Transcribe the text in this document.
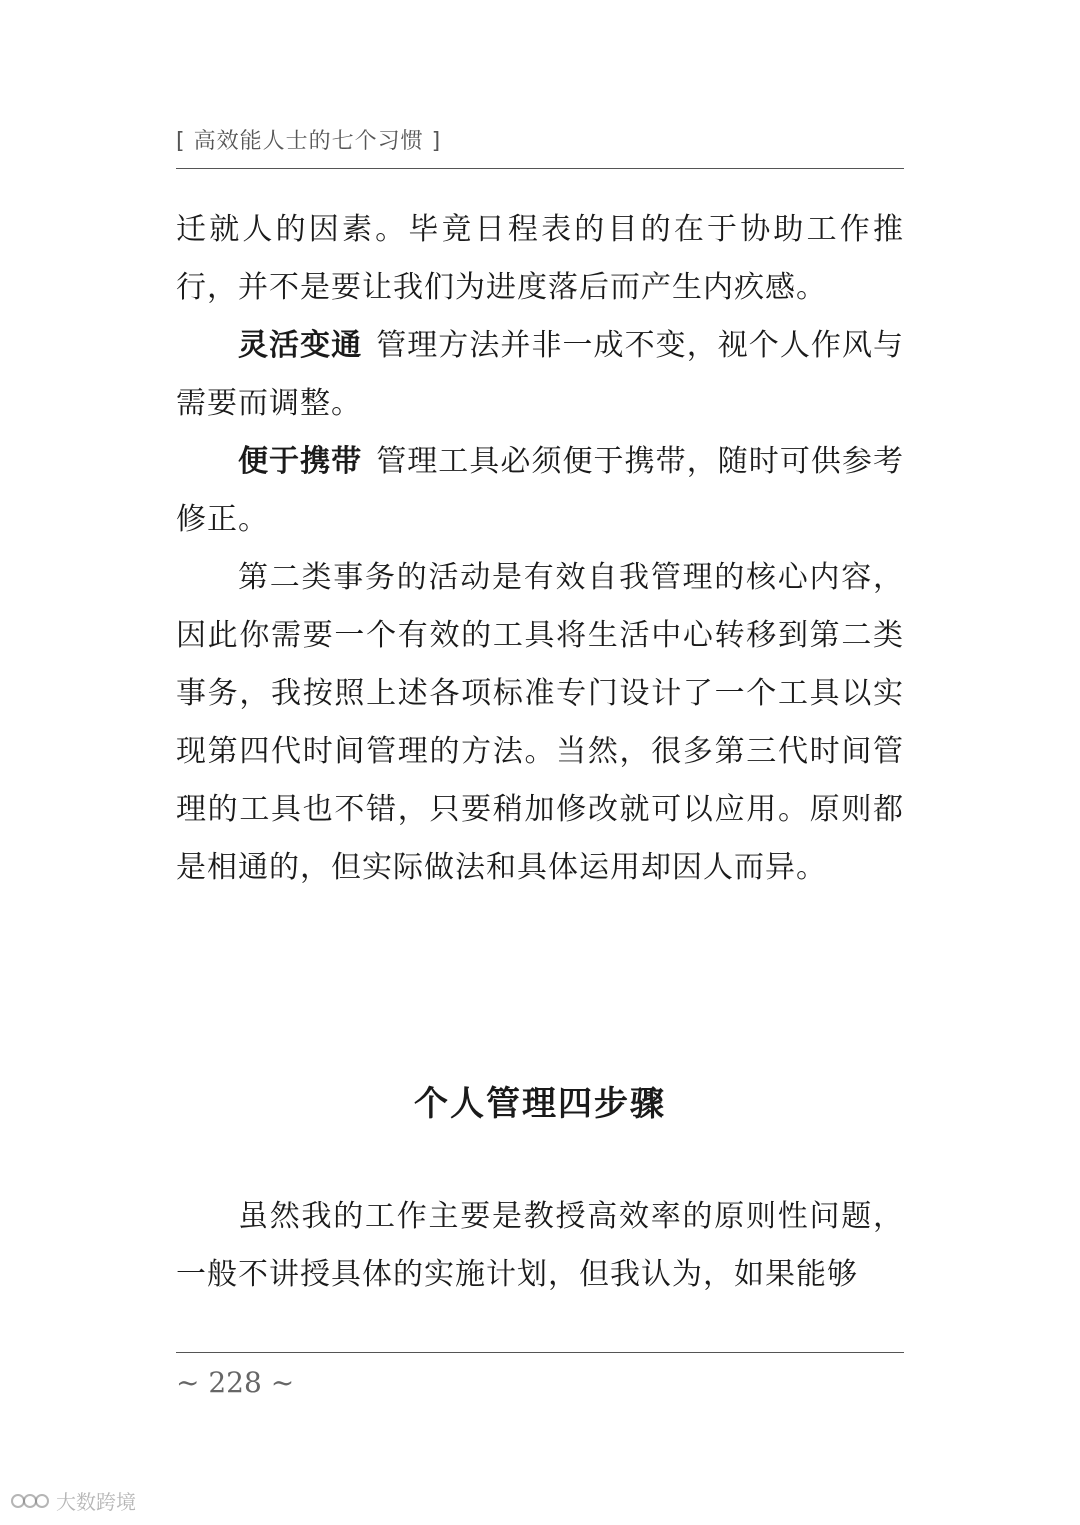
[ 高效能人士的七个习惯 ]

迁就人的因素。毕竟日程表的目的在于协助工作推行，并不是要让我们为进度落后而产生内疚感。

灵活变通 管理方法并非一成不变，视个人作风与需要而调整。

便于携带 管理工具必须便于携带，随时可供参考修正。

第二类事务的活动是有效自我管理的核心内容，因此你需要一个有效的工具将生活中心转移到第二类事务，我按照上述各项标准专门设计了一个工具以实现第四代时间管理的方法。当然，很多第三代时间管理的工具也不错，只要稍加修改就可以应用。原则都是相通的，但实际做法和具体运用却因人而异。

个人管理四步骤

虽然我的工作主要是教授高效率的原则性问题，一般不讲授具体的实施计划，但我认为，如果能够

~ 228 ~
大数跨境
